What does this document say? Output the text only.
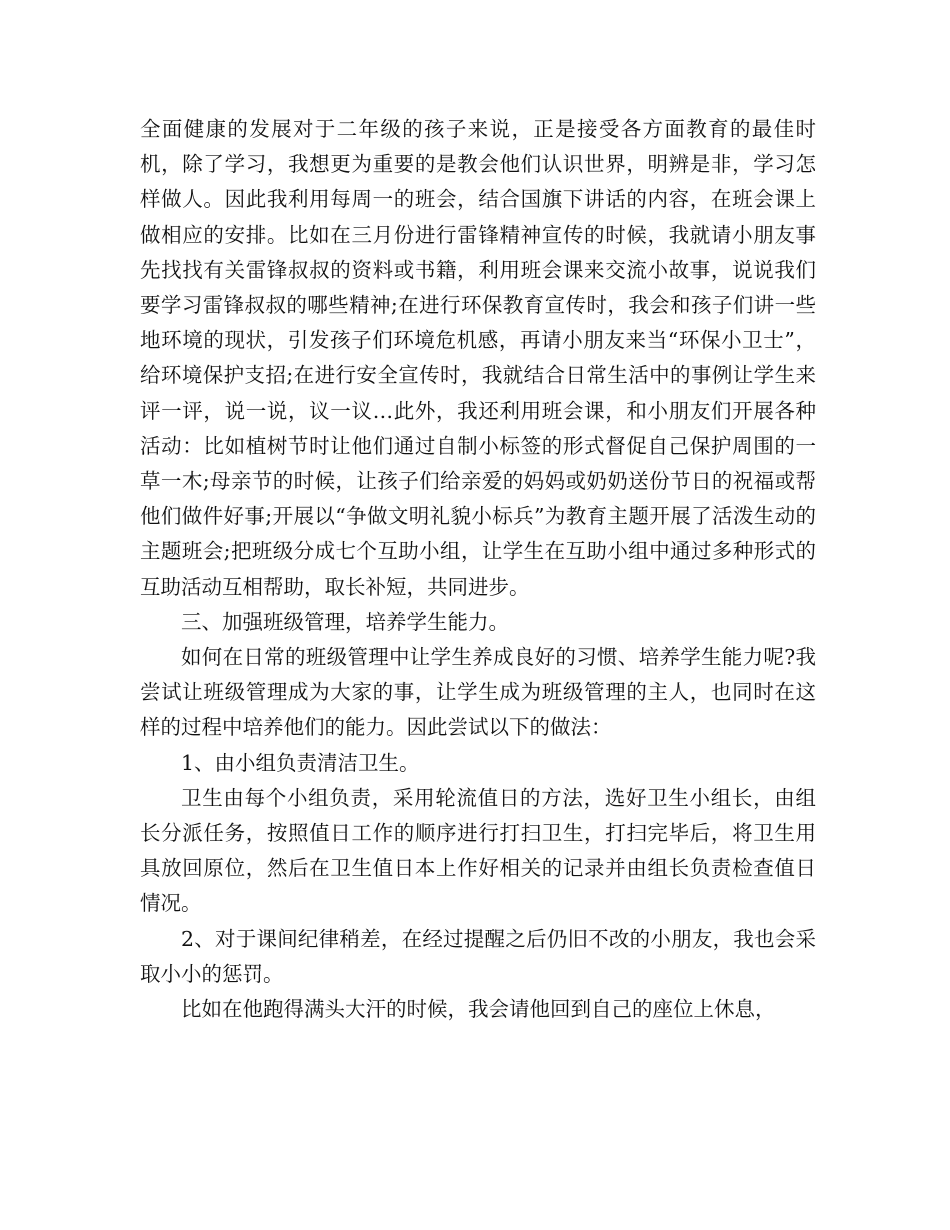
全面健康的发展对于二年级的孩子来说，正是接受各方面教育的最佳时机，除了学习，我想更为重要的是教会他们认识世界，明辨是非，学习怎样做人。因此我利用每周一的班会，结合国旗下讲话的内容，在班会课上做相应的安排。比如在三月份进行雷锋精神宣传的时候，我就请小朋友事先找找有关雷锋叔叔的资料或书籍，利用班会课来交流小故事，说说我们要学习雷锋叔叔的哪些精神;在进行环保教育宣传时，我会和孩子们讲一些地环境的现状，引发孩子们环境危机感，再请小朋友来当“环保小卫士”，给环境保护支招;在进行安全宣传时，我就结合日常生活中的事例让学生来评一评，说一说，议一议…此外，我还利用班会课，和小朋友们开展各种活动：比如植树节时让他们通过自制小标签的形式督促自己保护周围的一草一木;母亲节的时候，让孩子们给亲爱的妈妈或奶奶送份节日的祝福或帮他们做件好事;开展以“争做文明礼貌小标兵”为教育主题开展了活泼生动的主题班会;把班级分成七个互助小组，让学生在互助小组中通过多种形式的互助活动互相帮助，取长补短，共同进步。

三、加强班级管理，培养学生能力。

如何在日常的班级管理中让学生养成良好的习惯、培养学生能力呢?我尝试让班级管理成为大家的事，让学生成为班级管理的主人，也同时在这样的过程中培养他们的能力。因此尝试以下的做法：

1、由小组负责清洁卫生。

卫生由每个小组负责，采用轮流值日的方法，选好卫生小组长，由组长分派任务，按照值日工作的顺序进行打扫卫生，打扫完毕后，将卫生用具放回原位，然后在卫生值日本上作好相关的记录并由组长负责检查值日情况。

2、对于课间纪律稍差，在经过提醒之后仍旧不改的小朋友，我也会采取小小的惩罚。

比如在他跑得满头大汗的时候，我会请他回到自己的座位上休息，
